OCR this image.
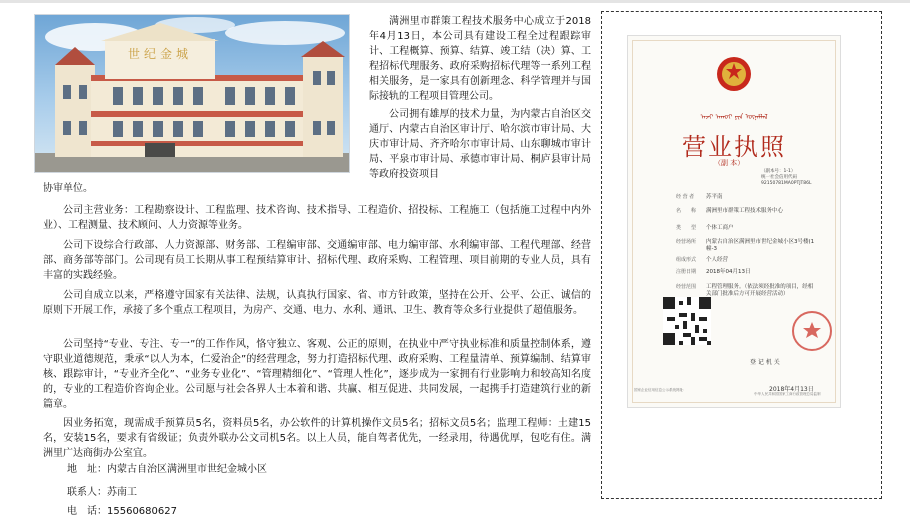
世纪金城

满洲里市群策工程技术服务中心成立于2018年4月13日，本公司具有建设工程全过程跟踪审计、工程概算、预算、结算、竣工结（决）算、工程招标代理服务、政府采购招标代理等一系列工程相关服务，是一家具有创新理念、科学管理并与国际接轨的工程项目管理公司。

公司拥有雄厚的技术力量，为内蒙古自治区交通厅、内蒙古自治区审计厅、哈尔滨市审计局、大庆市审计局、齐齐哈尔市审计局、山东聊城市审计局、平泉市审计局、承德市审计局、桐庐县审计局等政府投资项目

协审单位。

公司主营业务：工程勘察设计、工程监理、技术咨询、技术指导、工程造价、招投标、工程施工（包括施工过程中内外业）、工程测量、技术顾问、人力资源等业务。

公司下设综合行政部、人力资源部、财务部、工程编审部、交通编审部、电力编审部、水利编审部、工程代理部、经营部、商务部等部门。公司现有员工长期从事工程预结算审计、招标代理、政府采购、工程管理、项目前期的专业人员，具有丰富的实践经验。

公司自成立以来，严格遵守国家有关法律、法规，认真执行国家、省、市方针政策，坚持在公开、公平、公正、诚信的原则下开展工作，承接了多个重点工程项目，为房产、交通、电力、水利、通讯、卫生、教育等众多行业提供了超值服务。

公司坚持“专业、专注、专一”的工作作风，恪守独立、客观、公正的原则，在执业中严守执业标准和质量控制体系，遵守职业道德规范，秉承“以人为本，仁爱治企”的经营理念，努力打造招标代理、政府采购、工程量清单、预算编制、结算审核、跟踪审计，“专业齐全化”、“业务专业化”、“管理精细化”、“管理人性化”，逐步成为一家拥有行业影响力和较高知名度的，专业的工程造价咨询企业。公司愿与社会各界人士本着和谐、共赢、相互促进、共同发展，一起携手打造建筑行业的新篇章。

因业务拓宽，现需成手预算员5名，资料员5名，办公软件的计算机操作文员5名；招标文员5名；监理工程师：土建15名，安装15名，要求有省级证；负责外联办公文司机5名。以上人员，能自驾者优先，一经录用，待遇优厚，包吃有住。满洲里广达商街办公室宜。

地　址：内蒙古自治区满洲里市世纪金城小区

联系人：苏南工

电　话：15560680627

ᠠᠵᠢ ᠠᠬᠤᠢ ᠶᠢᠨ ᠦᠨᠡᠮᠯᠡᠯ
营业执照
（副 本）
（副本号：1-1）
统一社会信用代码
92150781MA0PTJT86L
经 营 者 苏平南
名　　称 满洲里市群策工程技术服务中心
类　　型 个体工商户
经营场所 内蒙古自治区满洲里市世纪金城小区3号楼(1幢-3
组成形式 个人经营
注册日期 2018年04月13日
经营范围 工程管理服务。（依法须经批准的项目，经相关部门批准后方可开展经营活动）
登 记 机 关
2018年4月13日
国家企业信用信息公示系统网址：
中华人民共和国国家工商行政管理总局监制
